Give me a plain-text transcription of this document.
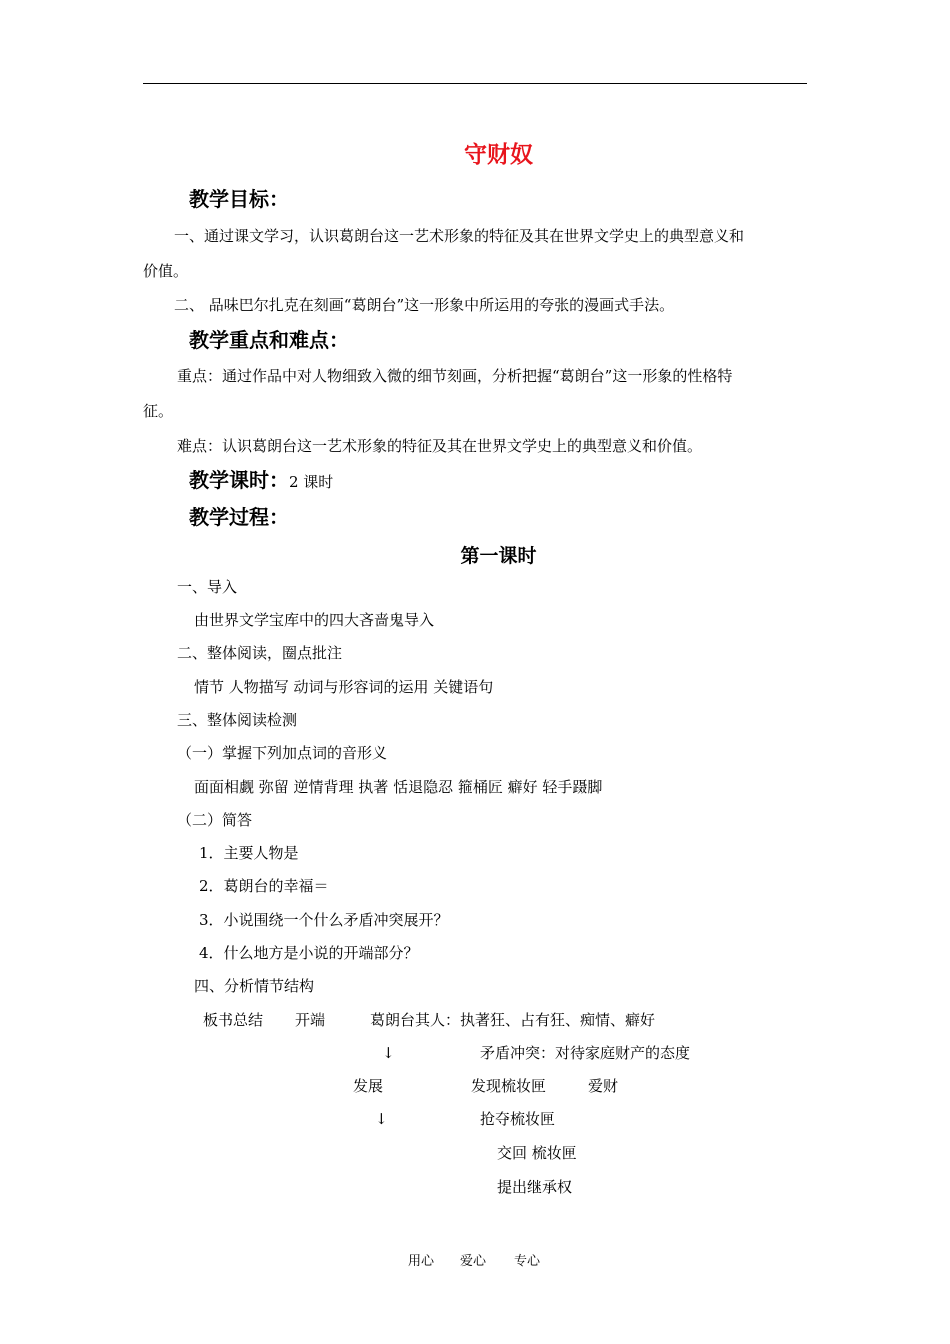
守财奴
教学目标：
一、通过课文学习，认识葛朗台这一艺术形象的特征及其在世界文学史上的典型意义和
价值。
二、 品味巴尔扎克在刻画“葛朗台”这一形象中所运用的夸张的漫画式手法。
教学重点和难点：
重点：通过作品中对人物细致入微的细节刻画，分析把握“葛朗台”这一形象的性格特
征。
难点：认识葛朗台这一艺术形象的特征及其在世界文学史上的典型意义和价值。
教学课时：2 课时
教学过程：
第一课时
一、导入
由世界文学宝库中的四大吝啬鬼导入
二、整体阅读，圈点批注
情节 人物描写 动词与形容词的运用 关键语句
三、整体阅读检测
（一）掌握下列加点词的音形义
面面相觑 弥留 逆情背理 执著 恬退隐忍 箍桶匠 癖好 轻手蹑脚
（二）简答
1．主要人物是
2．葛朗台的幸福＝
3．小说围绕一个什么矛盾冲突展开？
4．什么地方是小说的开端部分？
四、分析情节结构
板书总结 开端	葛朗台其人：执著狂、占有狂、痴情、癖好
↓	矛盾冲突：对待家庭财产的态度
发展	发现梳妆匣	爱财
↓	抢夺梳妆匣
交回 梳妆匣
提出继承权
用心 爱心 专心
